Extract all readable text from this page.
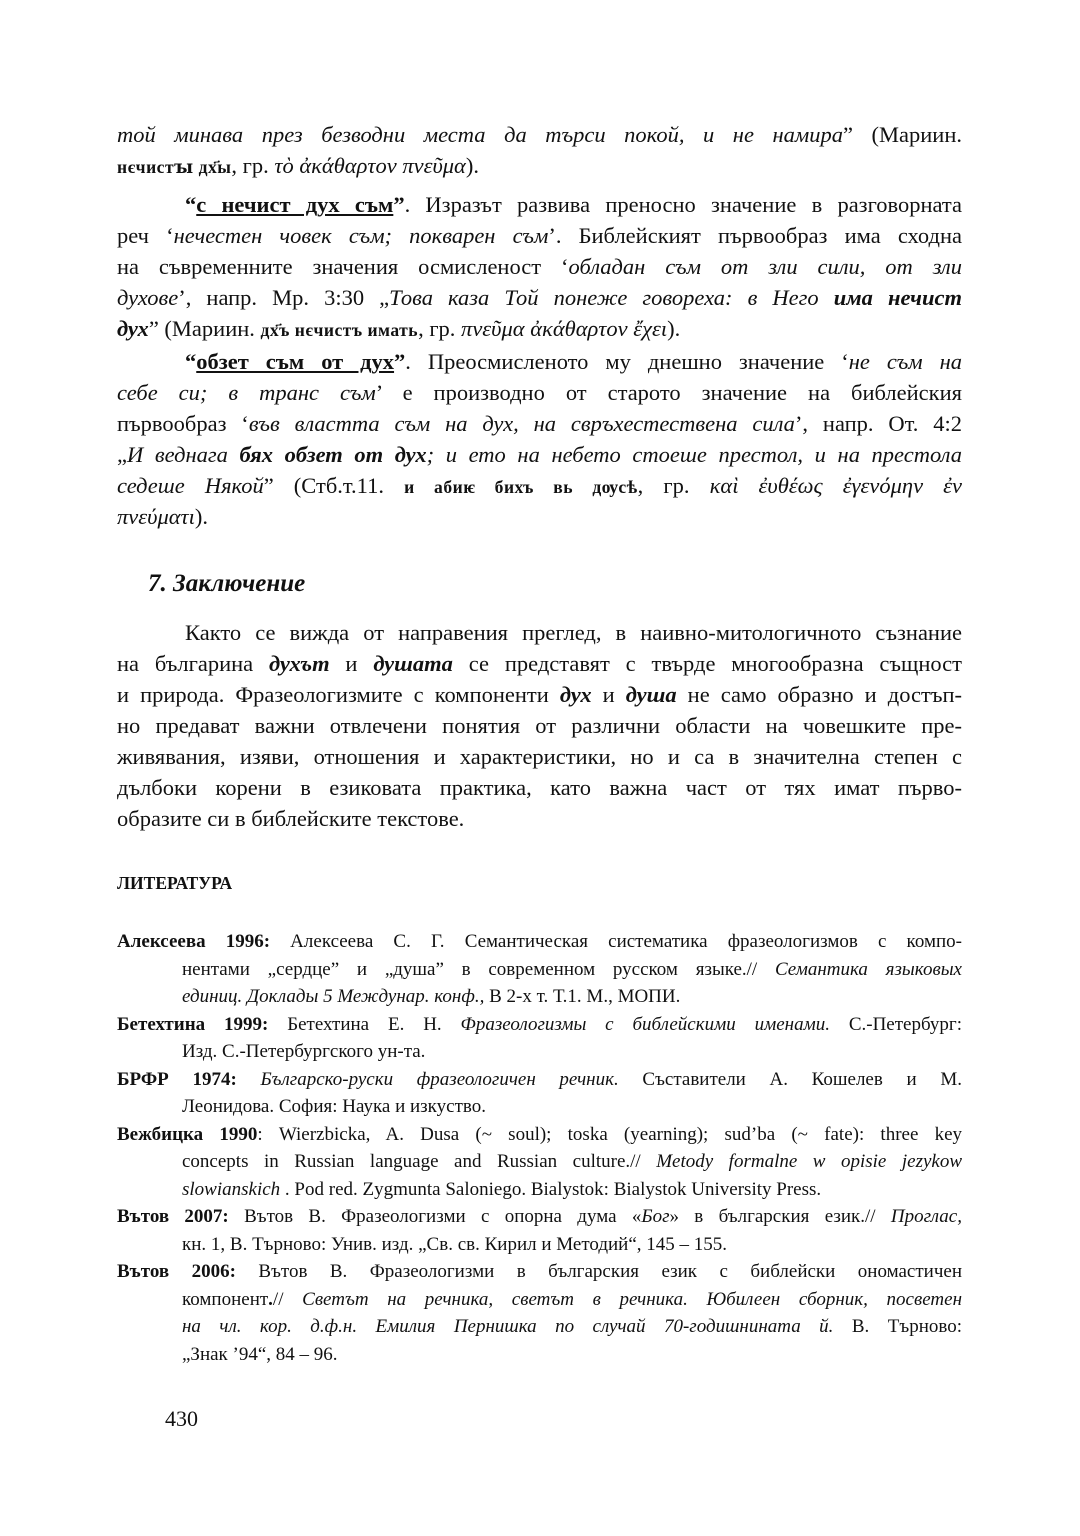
той минава през безводни места да търси покой, и не намира” (Мариин.
нєчистꙑ дх҃ы, гр. τὸ ἀκάθαρτον πνεῦμα).
“с нечист дух съм”. Изразът развива преносно значение в разговорната
реч ‘нечестен човек съм; покварен съм’. Библейският първообраз има сходна
на съвременните значения осмисленост ‘обладан съм от зли сили, от зли
духове’, напр. Мр. 3:30 „Това каза Той понеже говореха: в Него има нечист
дух” (Мариин. дх҃ъ нєчистъ имать, гр. πνεῦμα ἀκάθαρτον ἔχει).
“обзет съм от дух”. Преосмисленото му днешно значение ‘не съм на
себе си; в транс съм’ е производно от старото значение на библейския
първообраз ‘във властта съм на дух, на свръхестествена сила’, напр. От. 4:2
„И веднага бях обзет от дух; и ето на небето стоеше престол, и на престола
седеше Някой” (Стб.т.11. и абиѥ бихъ вь дѹсѣ, гр. καὶ ἐυθέως ἐγενόμην ἐν
πνεύματι).
7. Заключение
Както се вижда от направения преглед, в наивно-митологичното съзнание
на българина духът и душата се представят с твърде многообразна същност
и природа. Фразеологизмите с компоненти дух и душа не само образно и достъп-
но предават важни отвлечени понятия от различни области на човешките пре-
живявания, изяви, отношения и характеристики, но и са в значителна степен с
дълбоки корени в езиковата практика, като важна част от тях имат първо-
образите си в библейските текстове.
ЛИТЕРАТУРА
Алексеева 1996: Алексеева С. Г. Семантическая систематика фразеологизмов с компо-
нентами „сердце” и „душа” в современном русском языке.// Семантика языковых
единиц. Доклады 5 Междунар. конф., В 2-х т. Т.1. М., МОПИ.
Бетехтина 1999: Бетехтина Е. Н. Фразеологизмы с библейскими именами. С.-Петербург:
Изд. С.-Петербургского ун-та.
БРФР 1974: Българско-руски фразеологичен речник. Съставители А. Кошелев и М.
Леонидова. София: Наука и изкуство.
Вежбицка 1990: Wierzbicka, A. Dusa (~ soul); toska (yearning); sud’ba (~ fate): three key
concepts in Russian language and Russian culture.// Metody formalne w opisie jezykow
slowianskich . Pod red. Zygmunta Saloniego. Bialystok: Bialystok University Press.
Вътов 2007: Вътов В. Фразеологизми с опорна дума «Бог» в българския език.// Проглас,
кн. 1, В. Търново: Унив. изд. „Св. св. Кирил и Методий“, 145 – 155.
Вътов 2006: Вътов В. Фразеологизми в българския език с библейски ономастичен
компонент.// Светът на речника, светът в речника. Юбилеен сборник, посветен
на чл. кор. д.ф.н. Емилия Пернишка по случай 70-годишнината й. В. Търново:
„Знак ’94“, 84 – 96.
430
